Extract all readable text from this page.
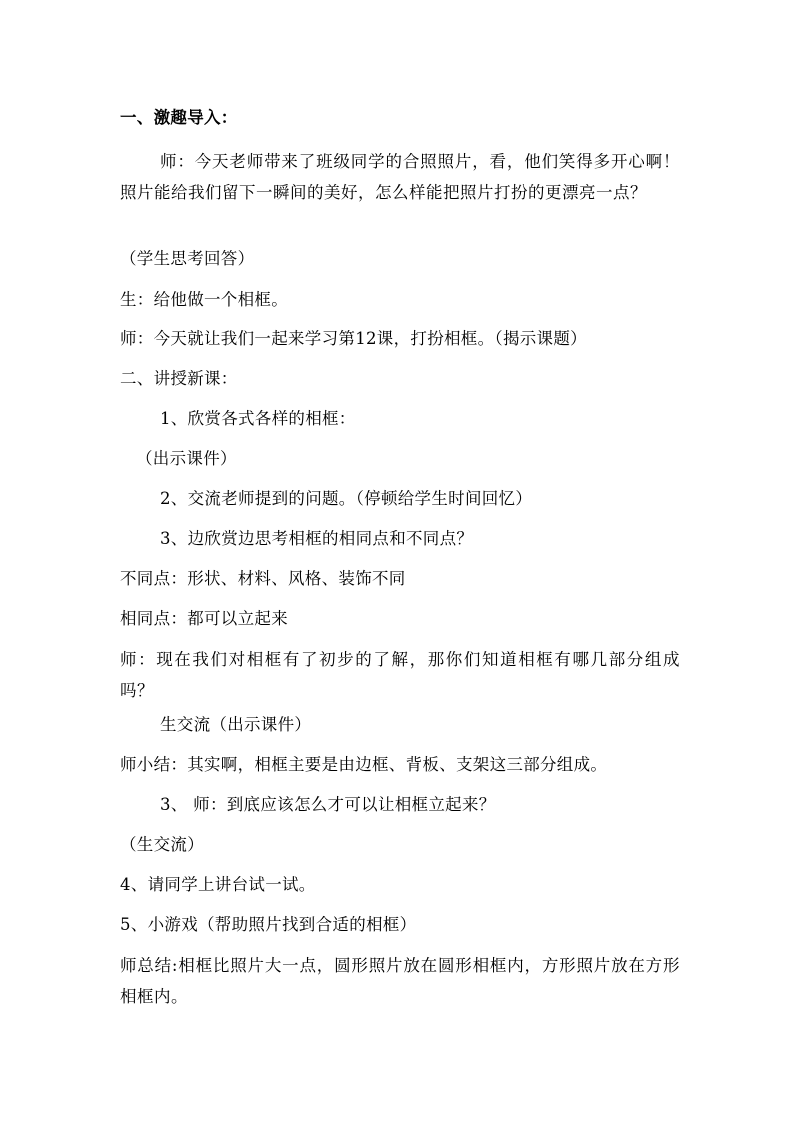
一、激趣导入：
师：今天老师带来了班级同学的合照照片，看，他们笑得多开心啊！照片能给我们留下一瞬间的美好，怎么样能把照片打扮的更漂亮一点？
（学生思考回答）
生：给他做一个相框。
师：今天就让我们一起来学习第12课，打扮相框。（揭示课题）
二、讲授新课：
1、欣赏各式各样的相框：
（出示课件）
2、交流老师提到的问题。（停顿给学生时间回忆）
3、边欣赏边思考相框的相同点和不同点？
不同点：形状、材料、风格、装饰不同
相同点：都可以立起来
师：现在我们对相框有了初步的了解，那你们知道相框有哪几部分组成吗？
生交流（出示课件）
师小结：其实啊，相框主要是由边框、背板、支架这三部分组成。
3、 师：到底应该怎么才可以让相框立起来？
（生交流）
4、请同学上讲台试一试。
5、小游戏（帮助照片找到合适的相框）
师总结:相框比照片大一点，圆形照片放在圆形相框内，方形照片放在方形相框内。
